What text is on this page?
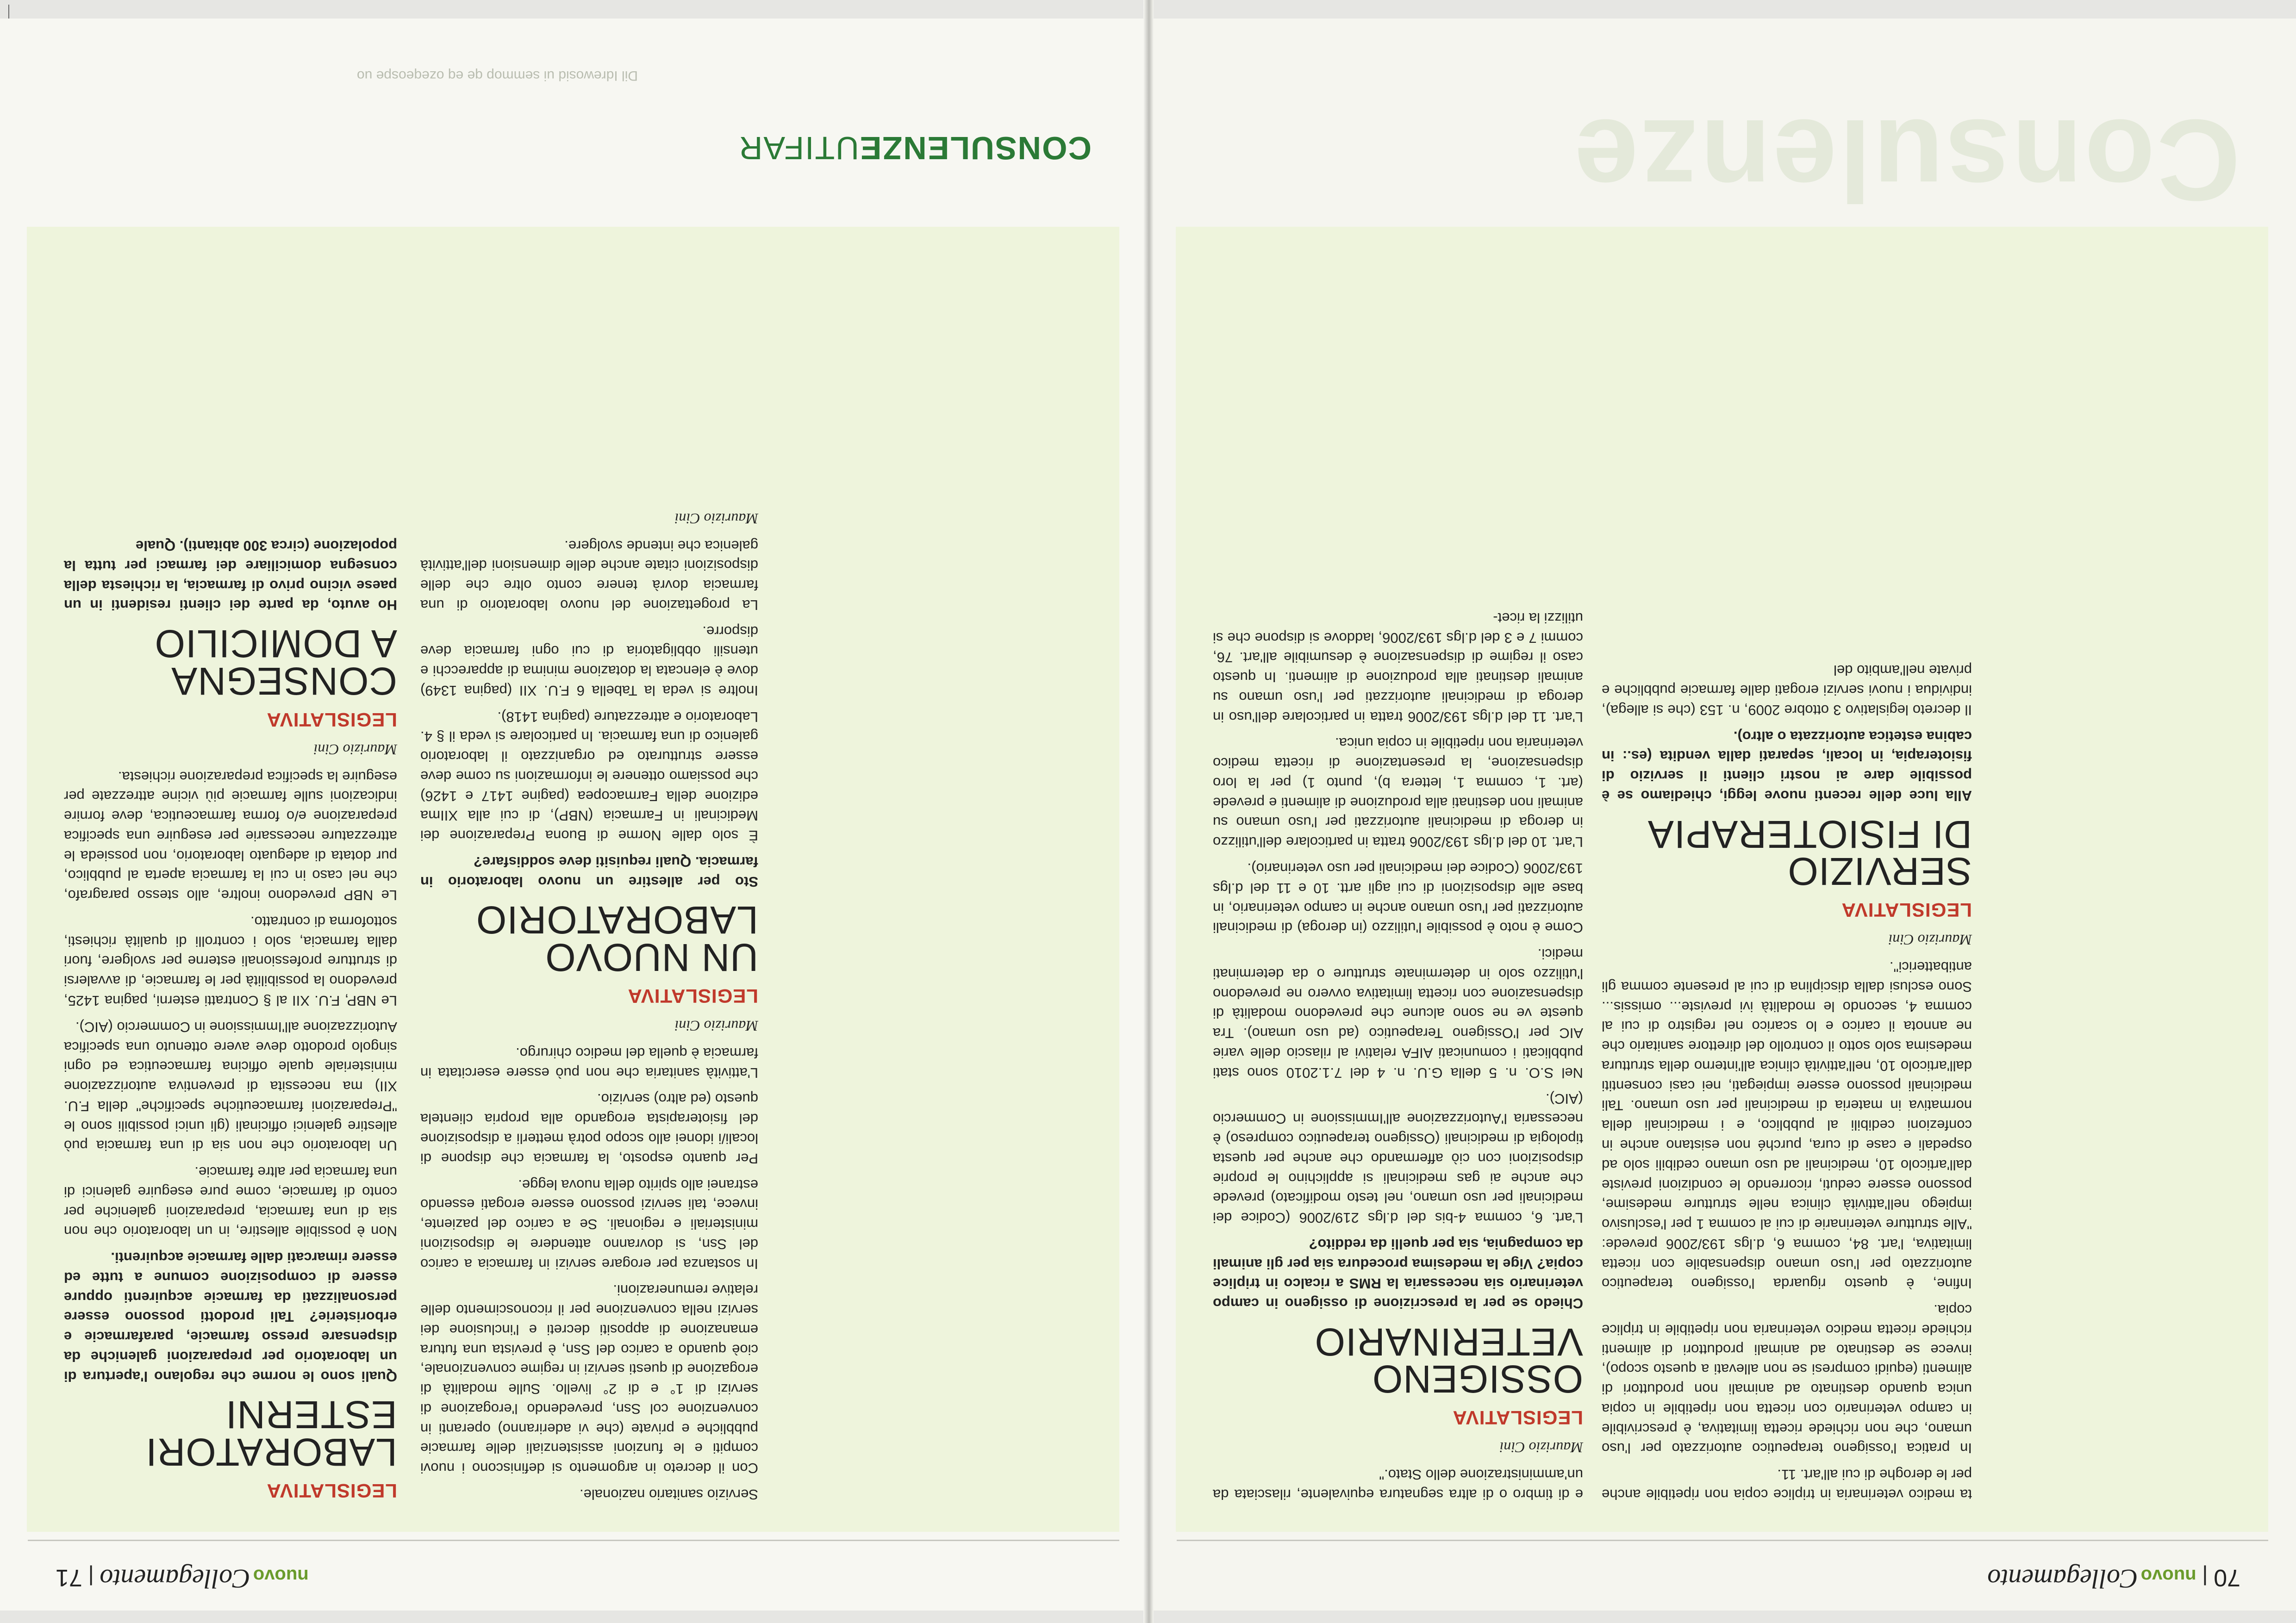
nuovoCollegamento | 71

LEGISLATIVA

LABORATORI
ESTERNI

Quali sono le norme che regolano l'apertura di un laboratorio per preparazioni galeniche da dispensare presso farmacie, parafarmacie e erboristerie? Tali prodotti possono essere personalizzati da farmacie acquirenti oppure essere di composizione comune a tutte ed essere rimarcati dalle farmacie acquirenti.

Non è possibile allestire, in un laboratorio che non sia di una farmacia, preparazioni galeniche per conto di farmacie, come pure eseguire galenici di una farmacia per altre farmacie.

Un laboratorio che non sia di una farmacia può allestire galenici officinali (gli unici possibili sono le "Preparazioni farmaceutiche specifiche" della F.U. XII) ma necessita di preventiva autorizzazione ministeriale quale officina farmaceutica ed ogni singolo prodotto deve avere ottenuto una specifica Autorizzazione all'Immissione in Commercio (AIC).

Le NBP, F.U. XII al § Contratti esterni, pagina 1425, prevedono la possibilità per le farmacie, di avvalersi di strutture professionali esterne per svolgere, fuori dalla farmacia, solo i controlli di qualità richiesti, sottoforma di contratto.

Le NBP prevedono inoltre, allo stesso paragrafo, che nel caso in cui la farmacia aperta al pubblico, pur dotata di adeguato laboratorio, non possieda le attrezzature necessarie per eseguire una specifica preparazione e/o forma farmaceutica, deve fornire indicazioni sulle farmacie più vicine attrezzate per eseguire la specifica preparazione richiesta.

Maurizio Cini

LEGISLATIVA

CONSEGNA
A DOMICILIO

Ho avuto, da parte dei clienti residenti in un paese vicino privo di farmacia, la richiesta della consegna domiciliare dei farmaci per tutta la popolazione (circa 300 abitanti). Quale

Servizio sanitario nazionale.

Con il decreto in argomento si definiscono i nuovi compiti e le funzioni assistenziali delle farmacie pubbliche e private (che vi aderiranno) operanti in convenzione col Ssn, prevedendo l'erogazione di servizi di 1° e di 2° livello. Sulle modalità di erogazione di questi servizi in regime convenzionale, cioè quando a carico del Ssn, è prevista una futura emanazione di appositi decreti e l'inclusione dei servizi nella convenzione per il riconoscimento delle relative remunerazioni.

In sostanza per erogare servizi in farmacia a carico del Ssn, si dovranno attendere le disposizioni ministeriali e regionali. Se a carico del paziente, invece, tali servizi possono essere erogati essendo estranei allo spirito della nuova legge.

Per quanto esposto, la farmacia che dispone di locali/i idonei allo scopo potrà metterli a disposizione del fisioterapista erogando alla propria clientela questo (ed altro) servizio.

L'attività sanitaria che non può essere esercitata in farmacia è quella del medico chirurgo.

Maurizio Cini

LEGISLATIVA

UN NUOVO
LABORATORIO

Sto per allestire un nuovo laboratorio in farmacia. Quali requisiti deve soddisfare?

È solo dalle Norme di Buona Preparazione dei Medicinali in Farmacia (NBP), di cui alla XIIma edizione della Farmacopea (pagine 1417 e 1426) che possiamo ottenere le informazioni su come deve essere strutturato ed organizzato il laboratorio galenico di una farmacia. In particolare si veda il § 4. Laboratorio e attrezzature (pagina 1418).

Inoltre si veda la Tabella 6 F.U. XII (pagina 1349) dove è elencata la dotazione minima di apparecchi e utensili obbligatoria di cui ogni farmacia deve disporre.

La progettazione del nuovo laboratorio di una farmacia dovrà tenere conto oltre che delle disposizioni citate anche delle dimensioni dell'attività galenica che intende svolgere.

Maurizio Cini

Dil Idrewosid ui semmop qe eq ozeqeospe uo
CONSULENZEUTIFAR
70 | nuovoCollegamento

e di timbro o di altra segnatura equivalente, rilasciata da un'amministrazione dello Stato."

Maurizio Cini

LEGISLATIVA

OSSIGENO
VETERINARIO

Chiedo se per la prescrizione di ossigeno in campo veterinario sia necessaria la RMS a ricalco in triplice copia? Vige la medesima procedura sia per gli animali da compagnia, sia per quelli da reddito?

L'art. 6, comma 4-bis del d.lgs 219/2006 (Codice dei medicinali per uso umano, nel testo modificato) prevede che anche ai gas medicinali si applichino le proprie disposizioni con ciò affermando che anche per questa tipologia di medicinali (Ossigeno terapeutico compreso) è necessaria l'Autorizzazione all'Immissione in Commercio (AIC).

Nel S.O. n. 5 della G.U. n. 4 del 7.1.2010 sono stati pubblicati i comunicati AIFA relativi al rilascio delle varie AIC per l'Ossigeno Terapeutico (ad uso umano). Tra queste ve ne sono alcune che prevedono modalità di dispensazione con ricetta limitativa ovvero ne prevedono l'utilizzo solo in determinate strutture o da determinati medici.

Come è noto è possibile l'utilizzo (in deroga) di medicinali autorizzati per l'uso umano anche in campo veterinario, in base alle disposizioni di cui agli artt. 10 e 11 del d.lgs 193/2006 (Codice dei medicinali per uso veterinario).

L'art. 10 del d.lgs 193/2006 tratta in particolare dell'utilizzo in deroga di medicinali autorizzati per l'uso umano su animali non destinati alla produzione di alimenti e prevede (art. 1, comma 1, lettera b), punto 1) per la loro dispensazione, la presentazione di ricetta medico veterinaria non ripetibile in copia unica.

L'art. 11 del d.lgs 193/2006 tratta in particolare dell'uso in deroga di medicinali autorizzati per l'uso umano su animali destinati alla produzione di alimenti. In questo caso il regime di dispensazione è desumibile all'art. 76, commi 7 e 3 del d.lgs 193/2006, laddove si dispone che si utilizzi la ricet-

ta medico veterinaria in triplice copia non ripetibile anche per le deroghe di cui all'art. 11.

In pratica l'ossigeno terapeutico autorizzato per l'uso umano, che non richiede ricetta limitativa, è prescrivibile in campo veterinario con ricetta non ripetibile in copia unica quando destinato ad animali non produttori di alimenti (equidi compresi se non allevati a questo scopo), invece se destinato ad animali produttori di alimenti richiede ricetta medico veterinaria non ripetibile in triplice copia.

Infine, è questo riguarda l'ossigeno terapeutico autorizzato per l'uso umano dispensabile con ricetta limitativa, l'art. 84, comma 6, d.lgs 193/2006 prevede: "Alle strutture veterinarie di cui al comma 1 per l'esclusivo impiego nell'attività clinica nelle strutture medesime, possono essere ceduti, ricorrendo le condizioni previste dall'articolo 10, medicinali ad uso umano cedibili solo ad ospedali e case di cura, purché non esistano anche in confezioni cedibili al pubblico, e i medicinali della normativa in materia di medicinali per uso umano. Tali medicinali possono essere impiegati, nei casi consentiti dall'articolo 10, nell'attività clinica all'interno della struttura medesima solo sotto il controllo del direttore sanitario che ne annota il carico e lo scarico nel registro di cui al comma 4, secondo le modalità ivi previste... omissis... Sono esclusi dalla disciplina di cui al presente comma gli antibatterici".

Maurizio Cini

LEGISLATIVA

SERVIZIO
DI FISIOTERAPIA

Alla luce delle recenti nuove leggi, chiediamo se è possibile dare ai nostri clienti il servizio di fisioterapia, in locali, separati dalla vendita (es.: in cabina estetica autorizzata o altro).

Il decreto legislativo 3 ottobre 2009, n. 153 (che si allega), individua i nuovi servizi erogati dalle farmacie pubbliche e private nell'ambito del

Consulenze
